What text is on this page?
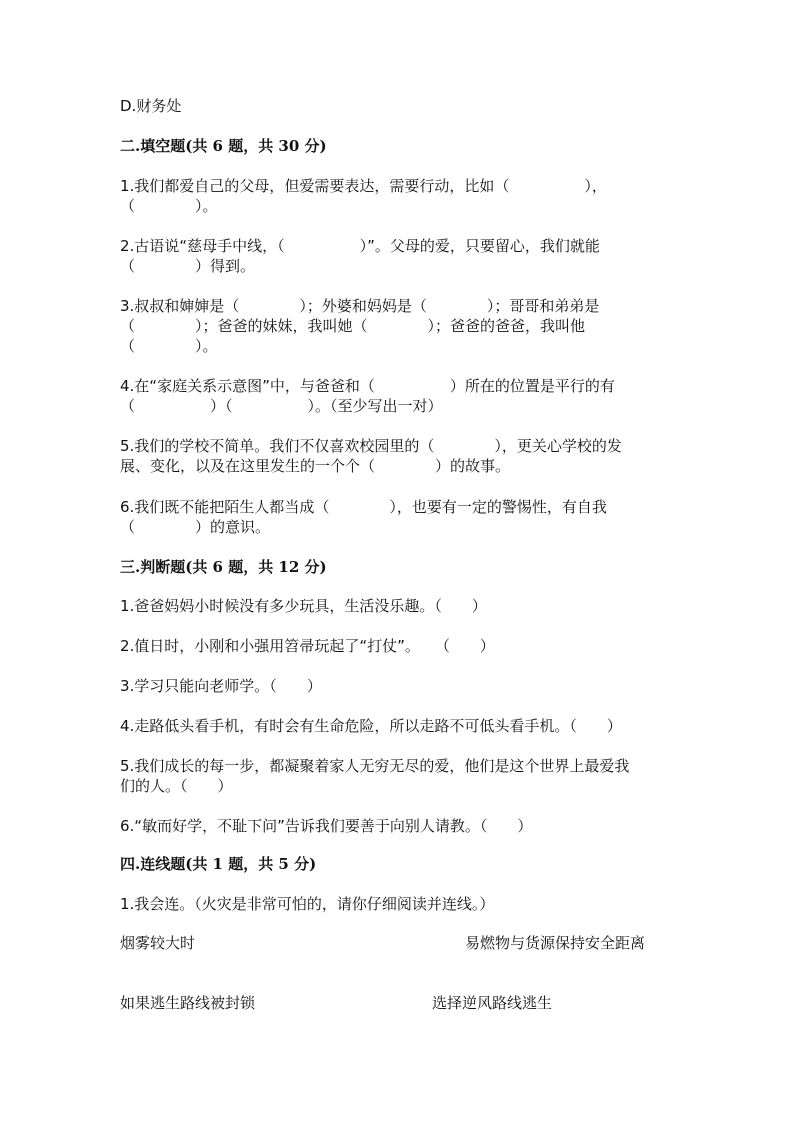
D.财务处
二.填空题(共 6 题，共 30 分)
1.我们都爱自己的父母，但爱需要表达，需要行动，比如（　　　　　），
（　　　　）。
2.古语说“慈母手中线，（　　　　　）”。父母的爱，只要留心，我们就能
（　　　　）得到。
3.叔叔和婶婶是（　　　　）；外婆和妈妈是（　　　　）；哥哥和弟弟是
（　　　　）；爸爸的妹妹，我叫她（　　　　）；爸爸的爸爸，我叫他
（　　　　）。
4.在“家庭关系示意图”中，与爸爸和（　　　　　）所在的位置是平行的有
（　　　　　）（　　　　　）。（至少写出一对）
5.我们的学校不简单。我们不仅喜欢校园里的（　　　　），更关心学校的发
展、变化，以及在这里发生的一个个（　　　　）的故事。
6.我们既不能把陌生人都当成（　　　　），也要有一定的警惕性，有自我
（　　　　）的意识。
三.判断题(共 6 题，共 12 分)
1.爸爸妈妈小时候没有多少玩具，生活没乐趣。（　　）
2.值日时，小刚和小强用笤帚玩起了“打仗”。　　（　　）
3.学习只能向老师学。（　　）
4.走路低头看手机，有时会有生命危险，所以走路不可低头看手机。（　　）
5.我们成长的每一步，都凝聚着家人无穷无尽的爱，他们是这个世界上最爱我
们的人。（　　）
6.“敏而好学，不耻下问”告诉我们要善于向别人请教。（　　）
四.连线题(共 1 题，共 5 分)
1.我会连。（火灾是非常可怕的，请你仔细阅读并连线。）
烟雾较大时	易燃物与货源保持安全距离
如果逃生路线被封锁	选择逆风路线逃生
